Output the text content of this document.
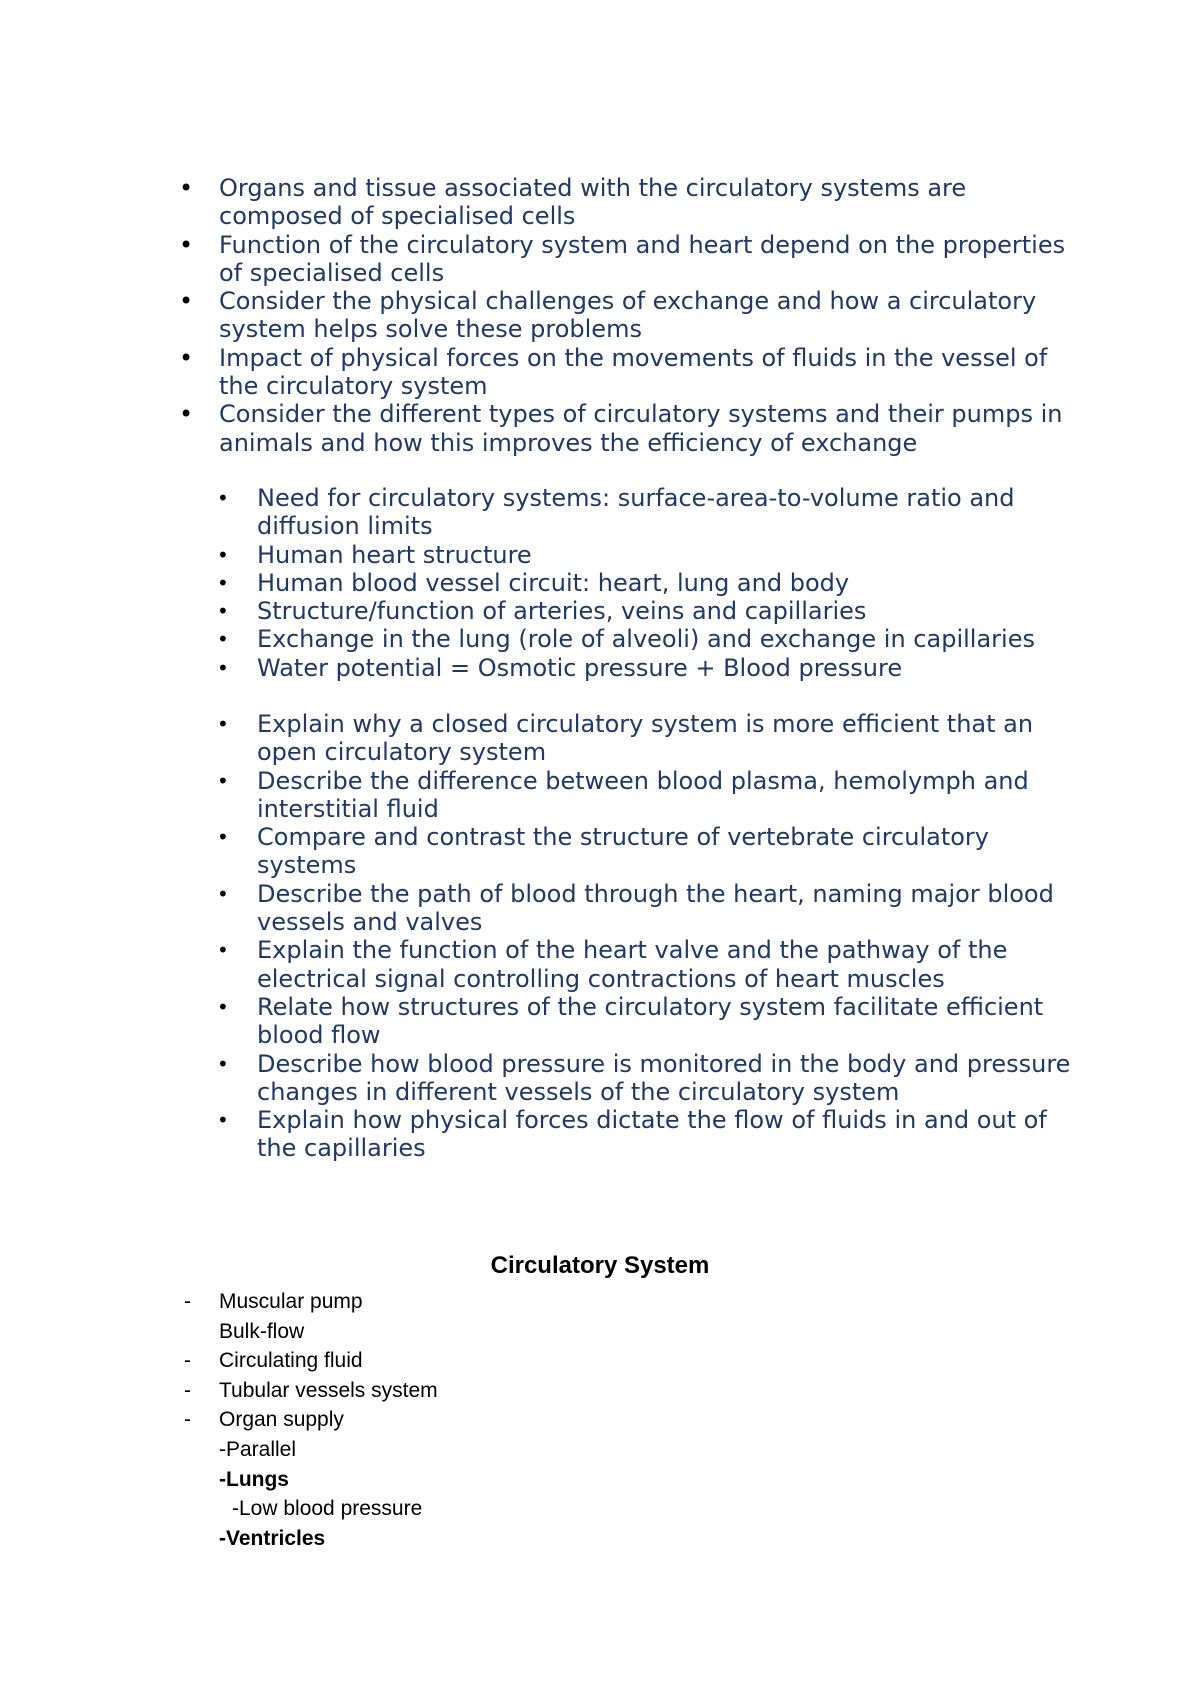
• Organs and tissue associated with the circulatory systems are composed of specialised cells
• Function of the circulatory system and heart depend on the properties of specialised cells
• Consider the physical challenges of exchange and how a circulatory system helps solve these problems
• Impact of physical forces on the movements of fluids in the vessel of the circulatory system
• Consider the different types of circulatory systems and their pumps in animals and how this improves the efficiency of exchange
• Need for circulatory systems: surface-area-to-volume ratio and diffusion limits
• Human heart structure
• Human blood vessel circuit: heart, lung and body
• Structure/function of arteries, veins and capillaries
• Exchange in the lung (role of alveoli) and exchange in capillaries
• Water potential = Osmotic pressure + Blood pressure
• Explain why a closed circulatory system is more efficient that an open circulatory system
• Describe the difference between blood plasma, hemolymph and interstitial fluid
• Compare and contrast the structure of vertebrate circulatory systems
• Describe the path of blood through the heart, naming major blood vessels and valves
• Explain the function of the heart valve and the pathway of the electrical signal controlling contractions of heart muscles
• Relate how structures of the circulatory system facilitate efficient blood flow
• Describe how blood pressure is monitored in the body and pressure changes in different vessels of the circulatory system
• Explain how physical forces dictate the flow of fluids in and out of the capillaries
Circulatory System
- Muscular pump
Bulk-flow
- Circulating fluid
- Tubular vessels system
- Organ supply
-Parallel
-Lungs
-Low blood pressure
-Ventricles
